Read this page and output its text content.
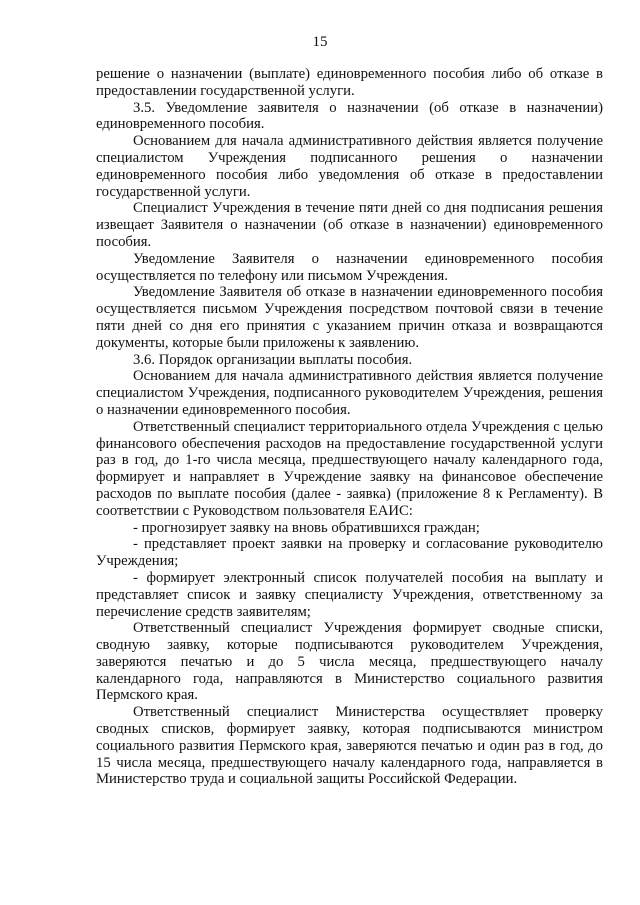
15

решение о назначении (выплате) единовременного пособия либо об отказе в предоставлении государственной услуги.

3.5. Уведомление заявителя о назначении (об отказе в назначении) единовременного пособия.

Основанием для начала административного действия является получение специалистом Учреждения подписанного решения о назначении единовременного пособия либо уведомления об отказе в предоставлении государственной услуги.

Специалист Учреждения в течение пяти дней со дня подписания решения извещает Заявителя о назначении (об отказе в назначении) единовременного пособия.

Уведомление Заявителя о назначении единовременного пособия осуществляется по телефону или письмом Учреждения.

Уведомление Заявителя об отказе в назначении единовременного пособия осуществляется письмом Учреждения посредством почтовой связи в течение пяти дней со дня его принятия с указанием причин отказа и возвращаются документы, которые были приложены к заявлению.

3.6. Порядок организации выплаты пособия.

Основанием для начала административного действия является получение специалистом Учреждения, подписанного руководителем Учреждения, решения о назначении единовременного пособия.

Ответственный специалист территориального отдела Учреждения с целью финансового обеспечения расходов на предоставление государственной услуги раз в год, до 1-го числа месяца, предшествующего началу календарного года, формирует и направляет в Учреждение заявку на финансовое обеспечение расходов по выплате пособия (далее - заявка) (приложение 8 к Регламенту). В соответствии с Руководством пользователя ЕАИС:

- прогнозирует заявку на вновь обратившихся граждан;

- представляет проект заявки на проверку и согласование руководителю Учреждения;

- формирует электронный список получателей пособия на выплату и представляет список и заявку специалисту Учреждения, ответственному за перечисление средств заявителям;

Ответственный специалист Учреждения формирует сводные списки, сводную заявку, которые подписываются руководителем Учреждения, заверяются печатью и до 5 числа месяца, предшествующего началу календарного года, направляются в Министерство социального развития Пермского края.

Ответственный специалист Министерства осуществляет проверку сводных списков, формирует заявку, которая подписываются министром социального развития Пермского края, заверяются печатью и один раз в год, до 15 числа месяца, предшествующего началу календарного года, направляется в Министерство труда и социальной защиты Российской Федерации.
